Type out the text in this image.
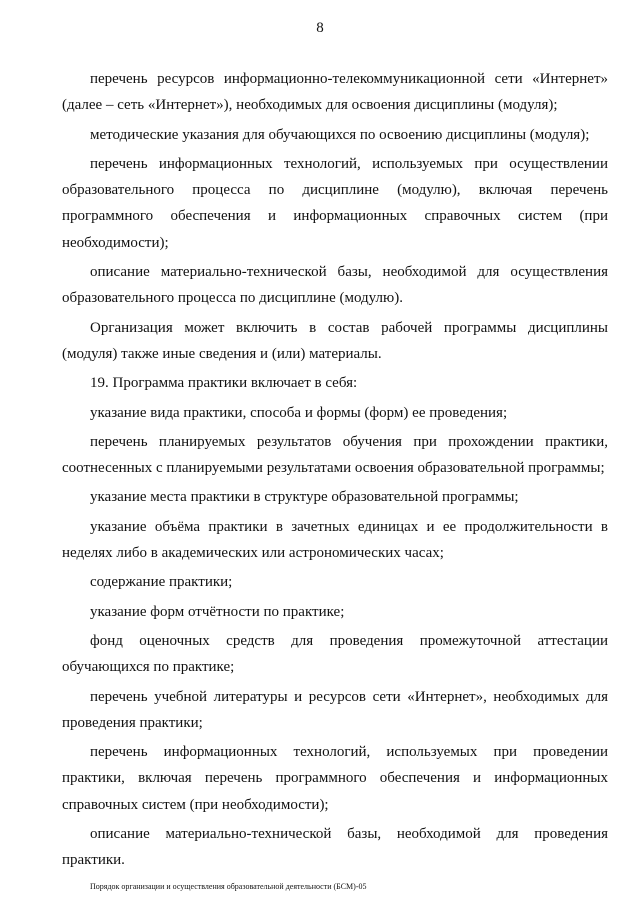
8

перечень ресурсов информационно-телекоммуникационной сети «Интернет» (далее – сеть «Интернет»), необходимых для освоения дисциплины (модуля);

методические указания для обучающихся по освоению дисциплины (модуля);

перечень информационных технологий, используемых при осуществлении образовательного процесса по дисциплине (модулю), включая перечень программного обеспечения и информационных справочных систем (при необходимости);

описание материально-технической базы, необходимой для осуществления образовательного процесса по дисциплине (модулю).

Организация может включить в состав рабочей программы дисциплины (модуля) также иные сведения и (или) материалы.

19. Программа практики включает в себя:

указание вида практики, способа и формы (форм) ее проведения;

перечень планируемых результатов обучения при прохождении практики, соотнесенных с планируемыми результатами освоения образовательной программы;

указание места практики в структуре образовательной программы;

указание объёма практики в зачетных единицах и ее продолжительности в неделях либо в академических или астрономических часах;

содержание практики;

указание форм отчётности по практике;

фонд оценочных средств для проведения промежуточной аттестации обучающихся по практике;

перечень учебной литературы и ресурсов сети «Интернет», необходимых для проведения практики;

перечень информационных технологий, используемых при проведении практики, включая перечень программного обеспечения и информационных справочных систем (при необходимости);

описание материально-технической базы, необходимой для проведения практики.

Порядок организации и осуществления образовательной деятельности (БСМ)-05
